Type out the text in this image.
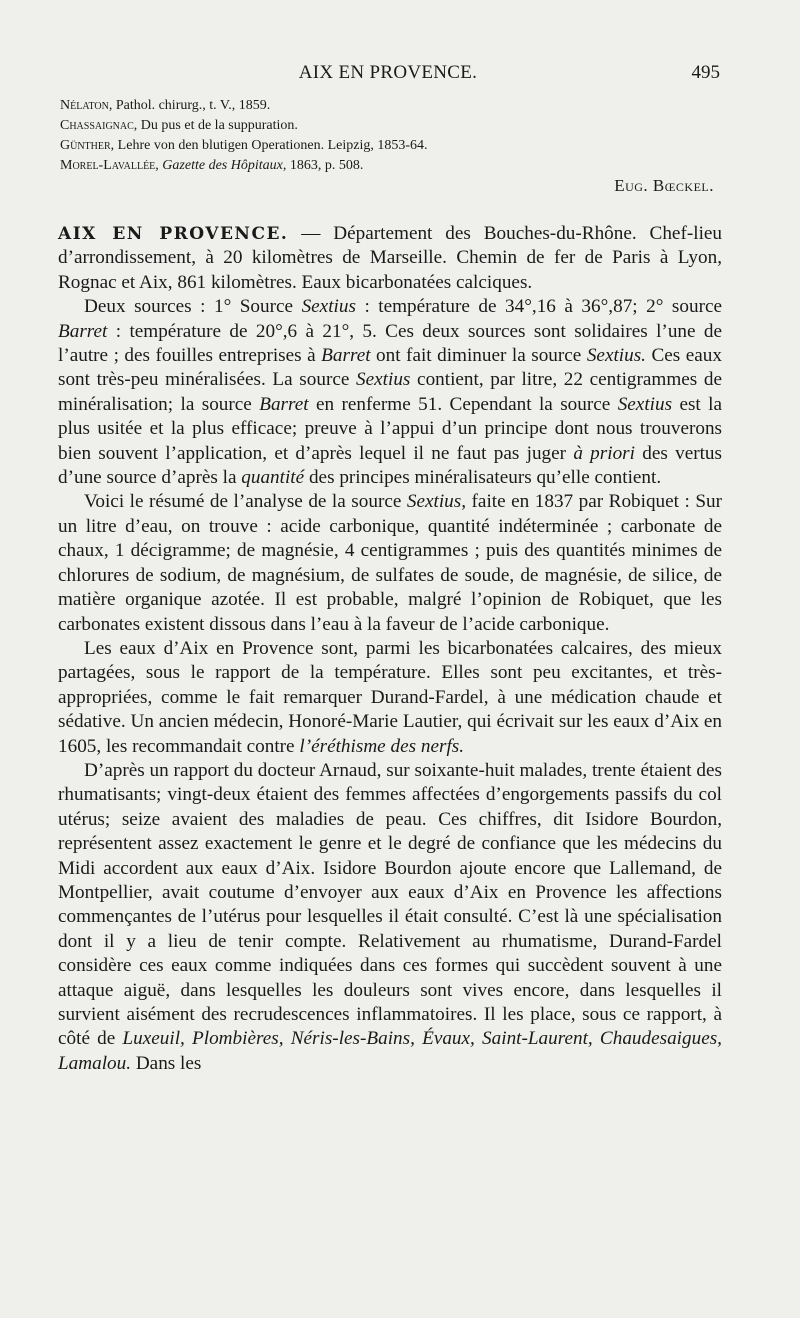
AIX EN PROVENCE.	495
Nélaton, Pathol. chirurg., t. V., 1859.
Chassaignac, Du pus et de la suppuration.
Günther, Lehre von den blutigen Operationen. Leipzig, 1853-64.
Morel-Lavallée, Gazette des Hôpitaux, 1863, p. 508.
Eug. Bœckel.

AIX EN PROVENCE. — Département des Bouches-du-Rhône. Chef-lieu d’arrondissement, à 20 kilomètres de Marseille. Chemin de fer de Paris à Lyon, Rognac et Aix, 861 kilomètres. Eaux bicarbonatées calciques.

Deux sources : 1° Source Sextius : température de 34°,16 à 36°,87; 2° source Barret : température de 20°,6 à 21°, 5. Ces deux sources sont solidaires l’une de l’autre ; des fouilles entreprises à Barret ont fait diminuer la source Sextius. Ces eaux sont très-peu minéralisées. La source Sextius contient, par litre, 22 centigrammes de minéralisation; la source Barret en renferme 51. Cependant la source Sextius est la plus usitée et la plus efficace; preuve à l’appui d’un principe dont nous trouverons bien souvent l’application, et d’après lequel il ne faut pas juger à priori des vertus d’une source d’après la quantité des principes minéralisateurs qu’elle contient.

Voici le résumé de l’analyse de la source Sextius, faite en 1837 par Robiquet : Sur un litre d’eau, on trouve : acide carbonique, quantité indéterminée ; carbonate de chaux, 1 décigramme; de magnésie, 4 centigrammes ; puis des quantités minimes de chlorures de sodium, de magnésium, de sulfates de soude, de magnésie, de silice, de matière organique azotée. Il est probable, malgré l’opinion de Robiquet, que les carbonates existent dissous dans l’eau à la faveur de l’acide carbonique.

Les eaux d’Aix en Provence sont, parmi les bicarbonatées calcaires, des mieux partagées, sous le rapport de la température. Elles sont peu excitantes, et très-appropriées, comme le fait remarquer Durand-Fardel, à une médication chaude et sédative. Un ancien médecin, Honoré-Marie Lautier, qui écrivait sur les eaux d’Aix en 1605, les recommandait contre l’éréthisme des nerfs.

D’après un rapport du docteur Arnaud, sur soixante-huit malades, trente étaient des rhumatisants; vingt-deux étaient des femmes affectées d’engorgements passifs du col utérus; seize avaient des maladies de peau. Ces chiffres, dit Isidore Bourdon, représentent assez exactement le genre et le degré de confiance que les médecins du Midi accordent aux eaux d’Aix. Isidore Bourdon ajoute encore que Lallemand, de Montpellier, avait coutume d’envoyer aux eaux d’Aix en Provence les affections commençantes de l’utérus pour lesquelles il était consulté. C’est là une spécialisation dont il y a lieu de tenir compte. Relativement au rhumatisme, Durand-Fardel considère ces eaux comme indiquées dans ces formes qui succèdent souvent à une attaque aiguë, dans lesquelles les douleurs sont vives encore, dans lesquelles il survient aisément des recrudescences inflammatoires. Il les place, sous ce rapport, à côté de Luxeuil, Plombières, Néris-les-Bains, Évaux, Saint-Laurent, Chaudesaigues, Lamalou. Dans les
